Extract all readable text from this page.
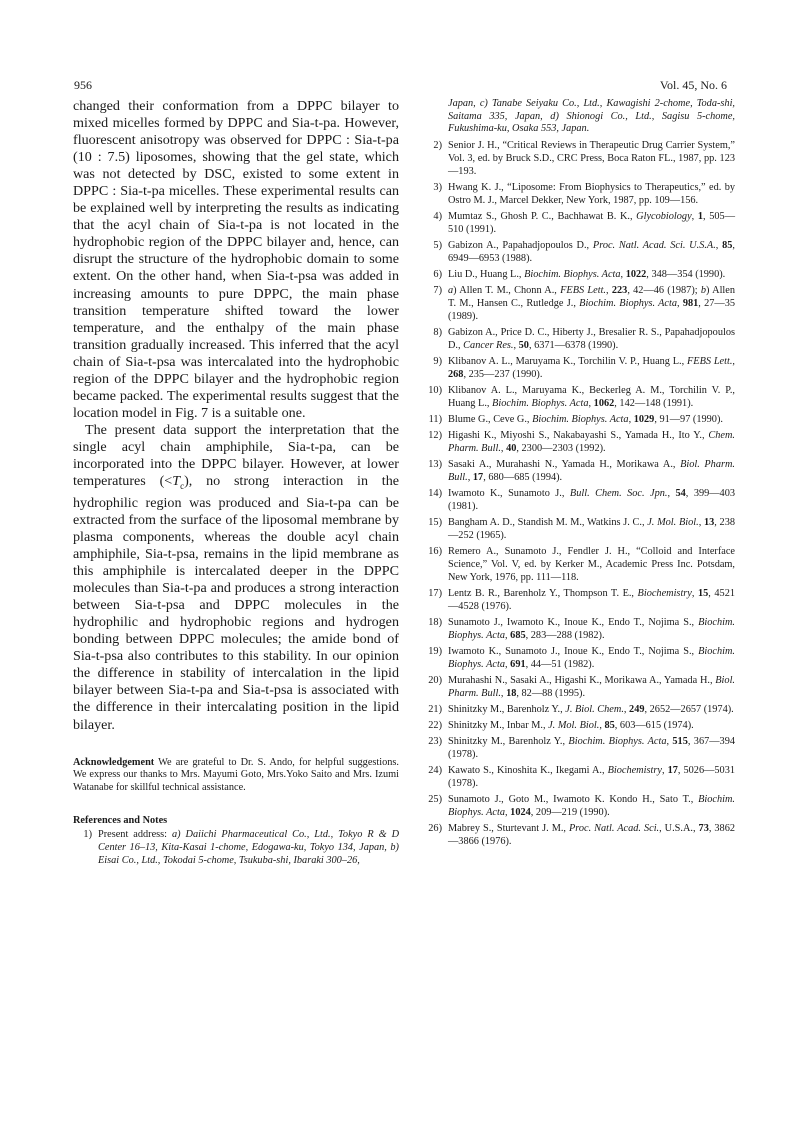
956	Vol. 45, No. 6

changed their conformation from a DPPC bilayer to mixed micelles formed by DPPC and Sia-t-pa. However, fluorescent anisotropy was observed for DPPC : Sia-t-pa (10 : 7.5) liposomes, showing that the gel state, which was not detected by DSC, existed to some extent in DPPC : Sia-t-pa micelles. These experimental results can be explained well by interpreting the results as indicating that the acyl chain of Sia-t-pa is not located in the hydrophobic region of the DPPC bilayer and, hence, can disrupt the structure of the hydrophobic domain to some extent. On the other hand, when Sia-t-psa was added in increasing amounts to pure DPPC, the main phase transition temperature shifted toward the lower temperature, and the enthalpy of the main phase transition gradually increased. This inferred that the acyl chain of Sia-t-psa was intercalated into the hydrophobic region of the DPPC bilayer and the hydrophobic region became packed. The experimental results suggest that the location model in Fig. 7 is a suitable one.

The present data support the interpretation that the single acyl chain amphiphile, Sia-t-pa, can be incorporated into the DPPC bilayer. However, at lower temperatures $(<T_c)$, no strong interaction in the hydrophilic region was produced and Sia-t-pa can be extracted from the surface of the liposomal membrane by plasma components, whereas the double acyl chain amphiphile, Sia-t-psa, remains in the lipid membrane as this amphiphile is intercalated deeper in the DPPC molecules than Sia-t-pa and produces a strong interaction between Sia-t-psa and DPPC molecules in the hydrophilic and hydrophobic regions and hydrogen bonding between DPPC molecules; the amide bond of Sia-t-psa also contributes to this stability. In our opinion the difference in stability of intercalation in the lipid bilayer between Sia-t-pa and Sia-t-psa is associated with the difference in their intercalating position in the lipid bilayer.

Acknowledgement We are grateful to Dr. S. Ando, for helpful suggestions. We express our thanks to Mrs. Mayumi Goto, Mrs.Yoko Saito and Mrs. Izumi Watanabe for skillful technical assistance.

References and Notes
1) Present address: a) Daiichi Pharmaceutical Co., Ltd., Tokyo R & D Center 16–13, Kita-Kasai 1-chome, Edogawa-ku, Tokyo 134, Japan, b) Eisai Co., Ltd., Tokodai 5-chome, Tsukuba-shi, Ibaraki 300–26,
Japan, c) Tanabe Seiyaku Co., Ltd., Kawagishi 2-chome, Toda-shi, Saitama 335, Japan, d) Shionogi Co., Ltd., Sagisu 5-chome, Fukushima-ku, Osaka 553, Japan.
2) Senior J. H., “Critical Reviews in Therapeutic Drug Carrier System,” Vol. 3, ed. by Bruck S.D., CRC Press, Boca Raton FL., 1987, pp. 123—193.
3) Hwang K. J., “Liposome: From Biophysics to Therapeutics,” ed. by Ostro M. J., Marcel Dekker, New York, 1987, pp. 109—156.
4) Mumtaz S., Ghosh P. C., Bachhawat B. K., Glycobiology, 1, 505—510 (1991).
5) Gabizon A., Papahadjopoulos D., Proc. Natl. Acad. Sci. U.S.A., 85, 6949—6953 (1988).
6) Liu D., Huang L., Biochim. Biophys. Acta, 1022, 348—354 (1990).
7) a) Allen T. M., Chonn A., FEBS Lett., 223, 42—46 (1987); b) Allen T. M., Hansen C., Rutledge J., Biochim. Biophys. Acta, 981, 27—35 (1989).
8) Gabizon A., Price D. C., Hiberty J., Bresalier R. S., Papahadjopoulos D., Cancer Res., 50, 6371—6378 (1990).
9) Klibanov A. L., Maruyama K., Torchilin V. P., Huang L., FEBS Lett., 268, 235—237 (1990).
10) Klibanov A. L., Maruyama K., Beckerleg A. M., Torchilin V. P., Huang L., Biochim. Biophys. Acta, 1062, 142—148 (1991).
11) Blume G., Ceve G., Biochim. Biophys. Acta, 1029, 91—97 (1990).
12) Higashi K., Miyoshi S., Nakabayashi S., Yamada H., Ito Y., Chem. Pharm. Bull., 40, 2300—2303 (1992).
13) Sasaki A., Murahashi N., Yamada H., Morikawa A., Biol. Pharm. Bull., 17, 680—685 (1994).
14) Iwamoto K., Sunamoto J., Bull. Chem. Soc. Jpn., 54, 399—403 (1981).
15) Bangham A. D., Standish M. M., Watkins J. C., J. Mol. Biol., 13, 238—252 (1965).
16) Remero A., Sunamoto J., Fendler J. H., “Colloid and Interface Science,” Vol. V, ed. by Kerker M., Academic Press Inc. Potsdam, New York, 1976, pp. 111—118.
17) Lentz B. R., Barenholz Y., Thompson T. E., Biochemistry, 15, 4521—4528 (1976).
18) Sunamoto J., Iwamoto K., Inoue K., Endo T., Nojima S., Biochim. Biophys. Acta, 685, 283—288 (1982).
19) Iwamoto K., Sunamoto J., Inoue K., Endo T., Nojima S., Biochim. Biophys. Acta, 691, 44—51 (1982).
20) Murahashi N., Sasaki A., Higashi K., Morikawa A., Yamada H., Biol. Pharm. Bull., 18, 82—88 (1995).
21) Shinitzky M., Barenholz Y., J. Biol. Chem., 249, 2652—2657 (1974).
22) Shinitzky M., Inbar M., J. Mol. Biol., 85, 603—615 (1974).
23) Shinitzky M., Barenholz Y., Biochim. Biophys. Acta, 515, 367—394 (1978).
24) Kawato S., Kinoshita K., Ikegami A., Biochemistry, 17, 5026—5031 (1978).
25) Sunamoto J., Goto M., Iwamoto K. Kondo H., Sato T., Biochim. Biophys. Acta, 1024, 209—219 (1990).
26) Mabrey S., Sturtevant J. M., Proc. Natl. Acad. Sci., U.S.A., 73, 3862—3866 (1976).
